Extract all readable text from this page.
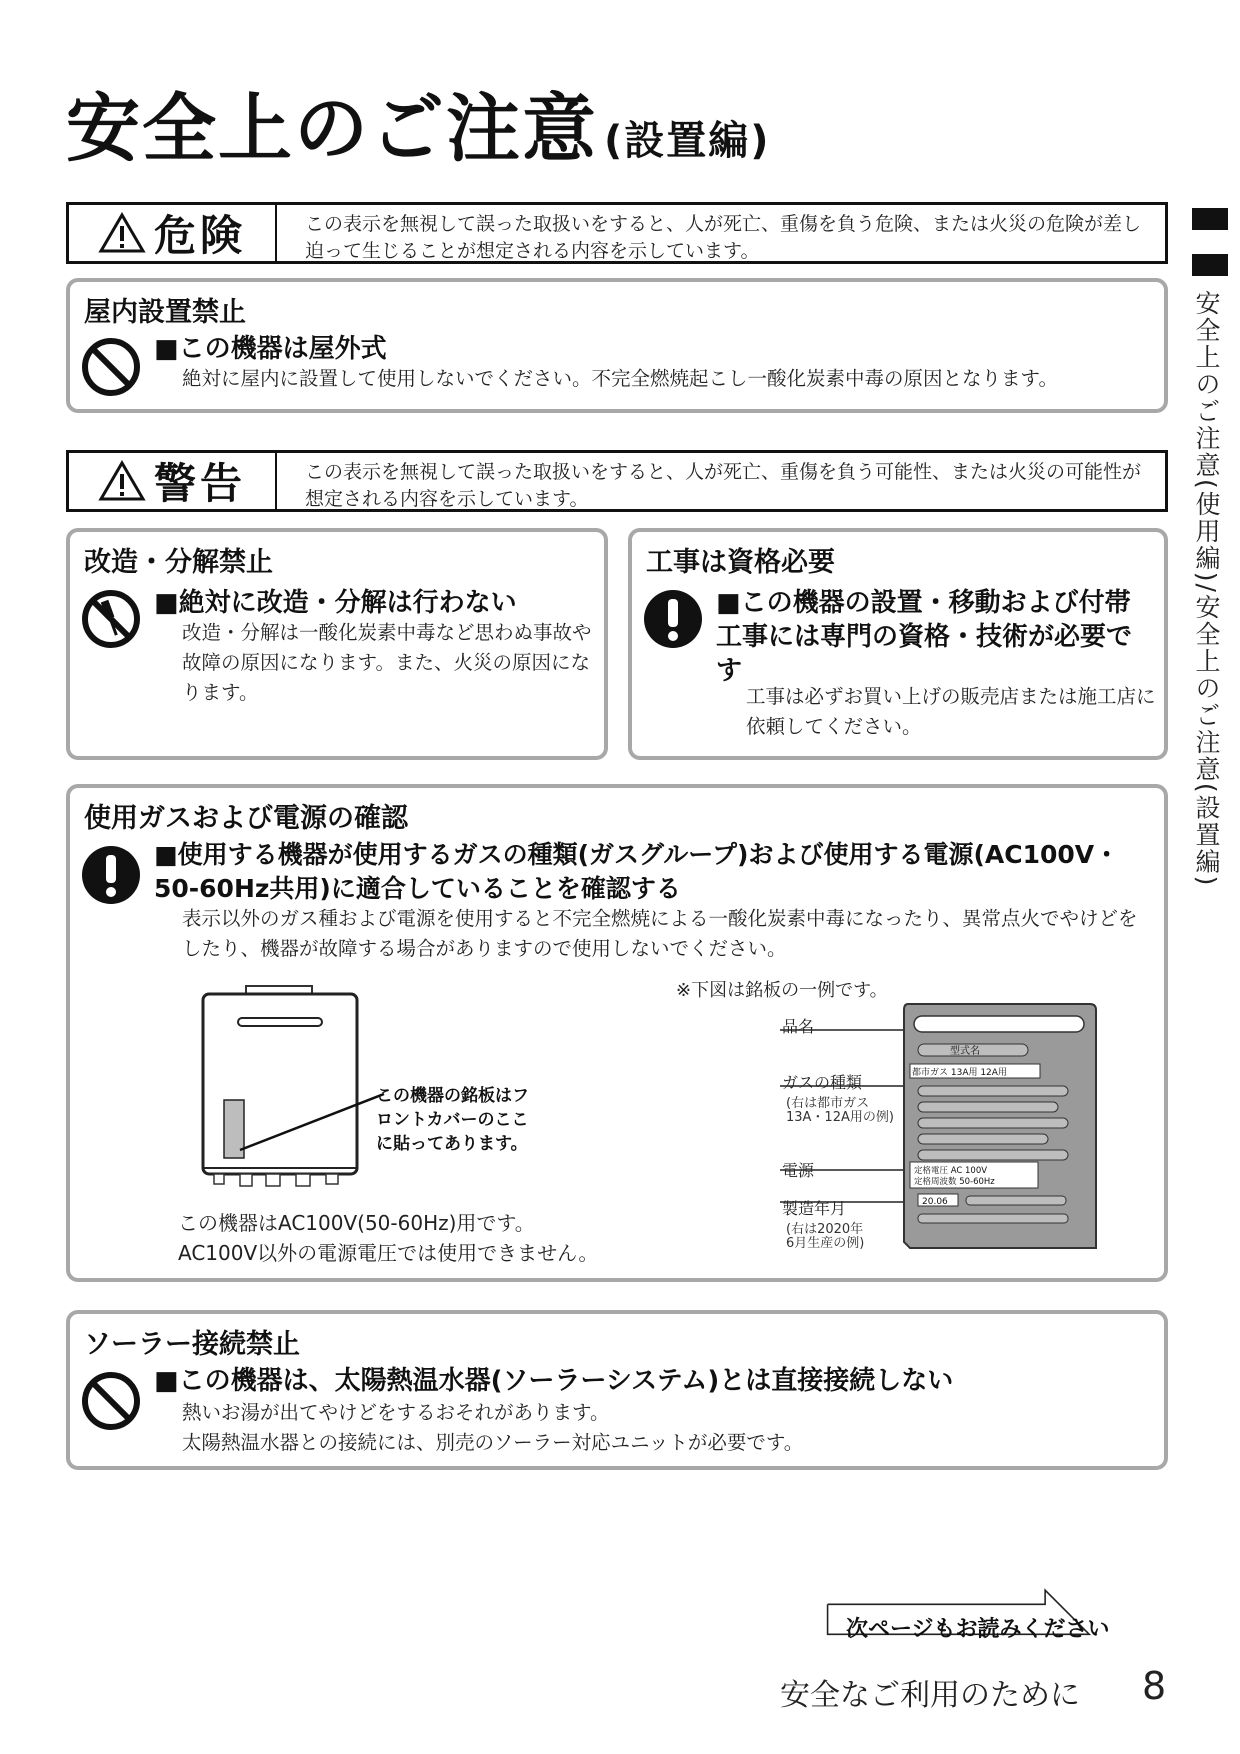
安全上のご注意 (設置編)
安全上のご注意(使用編)/安全上のご注意(設置編)
危険	この表示を無視して誤った取扱いをすると、人が死亡、重傷を負う危険、または火災の危険が差し迫って生じることが想定される内容を示しています。
屋内設置禁止
■この機器は屋外式
絶対に屋内に設置して使用しないでください。不完全燃焼起こし一酸化炭素中毒の原因となります。
警告	この表示を無視して誤った取扱いをすると、人が死亡、重傷を負う可能性、または火災の可能性が想定される内容を示しています。
改造・分解禁止
■絶対に改造・分解は行わない
改造・分解は一酸化炭素中毒など思わぬ事故や故障の原因になります。また、火災の原因になります。
工事は資格必要
■この機器の設置・移動および付帯工事には専門の資格・技術が必要です
工事は必ずお買い上げの販売店または施工店に依頼してください。
使用ガスおよび電源の確認
■使用する機器が使用するガスの種類(ガスグループ)および使用する電源(AC100V・50-60Hz共用)に適合していることを確認する
表示以外のガス種および電源を使用すると不完全燃焼による一酸化炭素中毒になったり、異常点火でやけどをしたり、機器が故障する場合がありますので使用しないでください。
この機器の銘板はフロントカバーのここに貼ってあります。
この機器はAC100V(50-60Hz)用です。
AC100V以外の電源電圧では使用できません。
※下図は銘板の一例です。
品名
ガスの種類
(右は都市ガス
13A・12A用の例)
電源
製造年月
(右は2020年
6月生産の例)
型式名
都市ガス 13A用 12A用
定格電圧 AC 100V
定格周波数 50-60Hz
20.06
ソーラー接続禁止
■この機器は、太陽熱温水器(ソーラーシステム)とは直接接続しない
熱いお湯が出てやけどをするおそれがあります。
太陽熱温水器との接続には、別売のソーラー対応ユニットが必要です。
次ページもお読みください
安全なご利用のために 8
